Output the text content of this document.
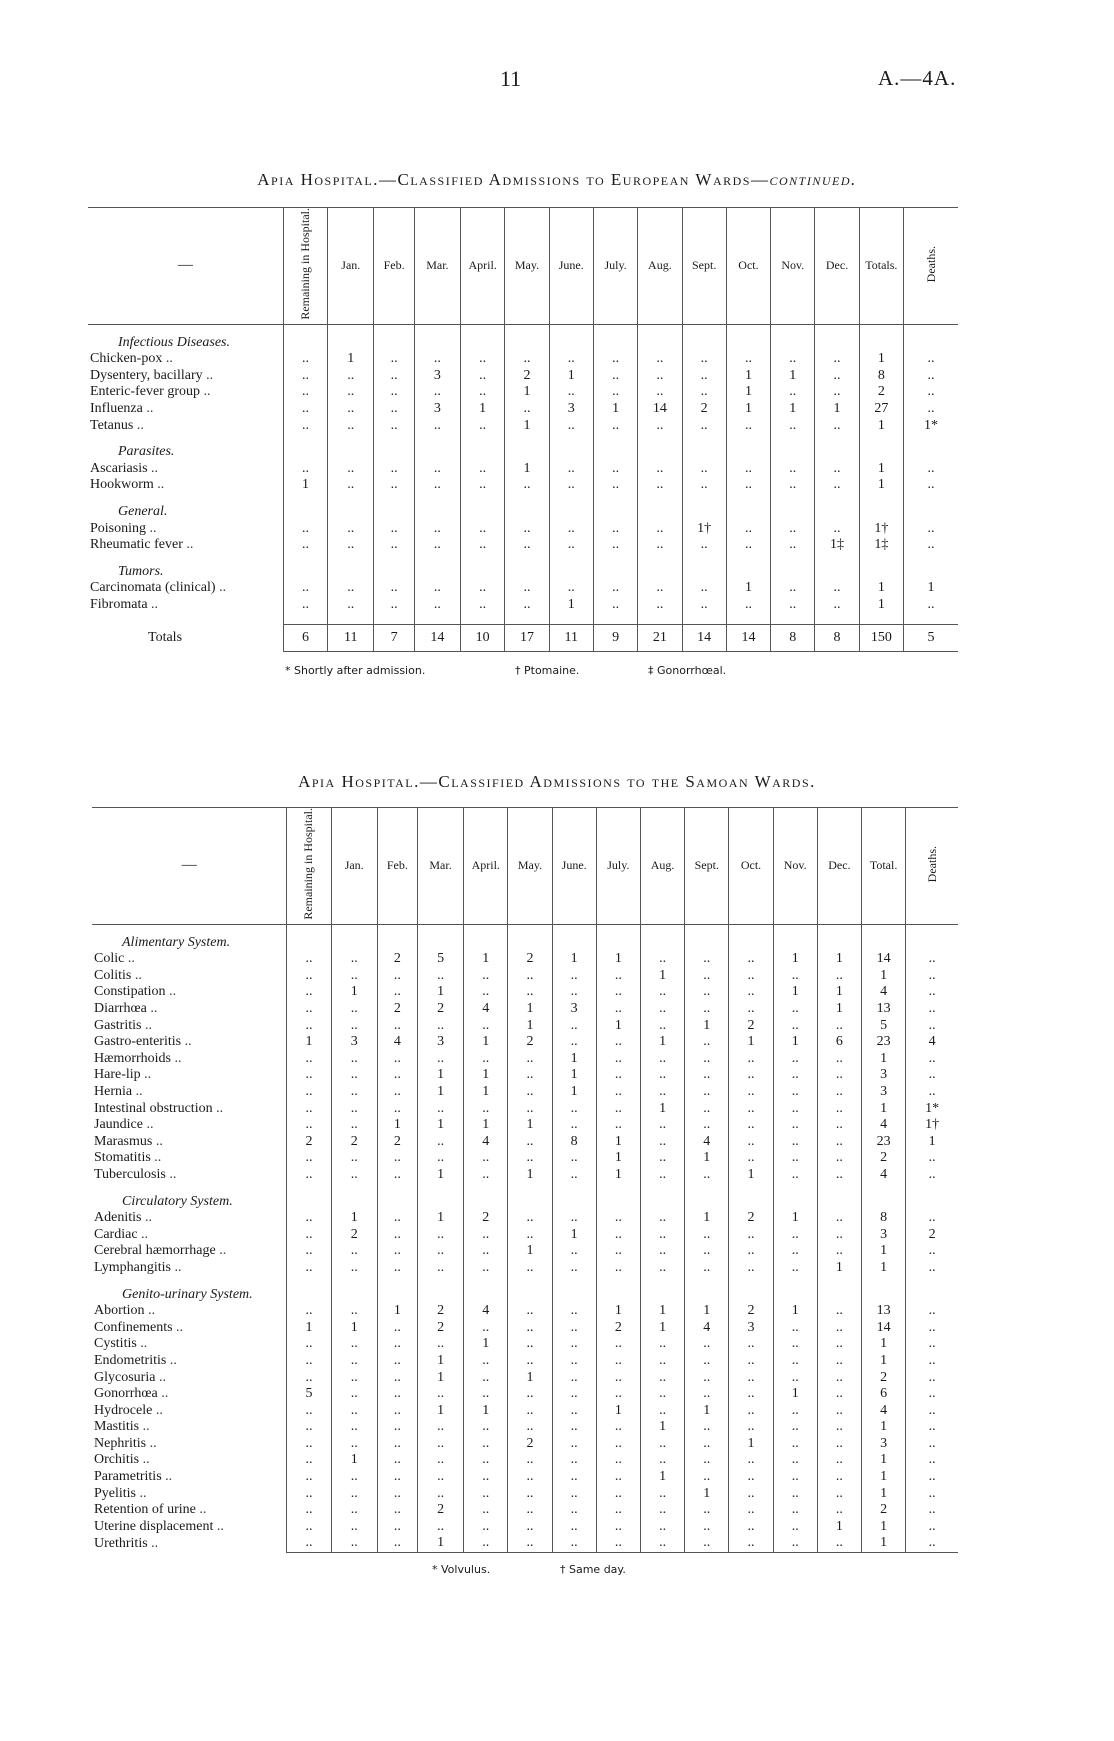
11	A.—4A.
Apia Hospital.—Classified Admissions to European Wards—continued.
—	Remaining in Hospital.	Jan.	Feb.	Mar.	April.	May.	June.	July.	Aug.	Sept.	Oct.	Nov.	Dec.	Totals.	Deaths.

Infectious Diseases.															
Chicken-pox ..	..	1	..	..	..	..	..	..	..	..	..	..	..	1	..
Dysentery, bacillary ..	..	..	..	3	..	2	1	..	..	..	1	1	..	8	..
Enteric-fever group ..	..	..	..	..	..	1	..	..	..	..	1	..	..	2	..
Influenza ..	..	..	..	3	1	..	3	1	14	2	1	1	1	27	..
Tetanus ..	..	..	..	..	..	1	..	..	..	..	..	..	..	1	1*

Parasites.															
Ascariasis ..	..	..	..	..	..	1	..	..	..	..	..	..	..	1	..
Hookworm ..	1	..	..	..	..	..	..	..	..	..	..	..	..	1	..

General.															
Poisoning ..	..	..	..	..	..	..	..	..	..	1†	..	..	..	1†	..
Rheumatic fever ..	..	..	..	..	..	..	..	..	..	..	..	..	1‡	1‡	..

Tumors.															
Carcinomata (clinical) ..	..	..	..	..	..	..	..	..	..	..	1	..	..	1	1
Fibromata ..	..	..	..	..	..	..	1	..	..	..	..	..	..	1	..

Totals	6	11	7	14	10	17	11	9	21	14	14	8	8	150	5
* Shortly after admission.	† Ptomaine.	‡ Gonorrhœal.
Apia Hospital.—Classified Admissions to the Samoan Wards.
—	Remaining in Hospital.	Jan.	Feb.	Mar.	April.	May.	June.	July.	Aug.	Sept.	Oct.	Nov.	Dec.	Total.	Deaths.

Alimentary System.															
Colic ..	..	..	2	5	1	2	1	1	..	..	..	1	1	14	..
Colitis ..	..	..	..	..	..	..	..	..	1	..	..	..	..	1	..
Constipation ..	..	1	..	1	..	..	..	..	..	..	..	1	1	4	..
Diarrhœa ..	..	..	2	2	4	1	3	..	..	..	..	..	1	13	..
Gastritis ..	..	..	..	..	..	1	..	1	..	1	2	..	..	5	..
Gastro-enteritis ..	1	3	4	3	1	2	..	..	1	..	1	1	6	23	4
Hæmorrhoids ..	..	..	..	..	..	..	1	..	..	..	..	..	..	1	..
Hare-lip ..	..	..	..	1	1	..	1	..	..	..	..	..	..	3	..
Hernia ..	..	..	..	1	1	..	1	..	..	..	..	..	..	3	..
Intestinal obstruction ..	..	..	..	..	..	..	..	..	1	..	..	..	..	1	1*
Jaundice ..	..	..	1	1	1	1	..	..	..	..	..	..	..	4	1†
Marasmus ..	2	2	2	..	4	..	8	1	..	4	..	..	..	23	1
Stomatitis ..	..	..	..	..	..	..	..	1	..	1	..	..	..	2	..
Tuberculosis ..	..	..	..	1	..	1	..	1	..	..	1	..	..	4	..

Circulatory System.															
Adenitis ..	..	1	..	1	2	..	..	..	..	1	2	1	..	8	..
Cardiac ..	..	2	..	..	..	..	1	..	..	..	..	..	..	3	2
Cerebral hæmorrhage ..	..	..	..	..	..	1	..	..	..	..	..	..	..	1	..
Lymphangitis ..	..	..	..	..	..	..	..	..	..	..	..	..	1	1	..

Genito-urinary System.															
Abortion ..	..	..	1	2	4	..	..	1	1	1	2	1	..	13	..
Confinements ..	1	1	..	2	..	..	..	2	1	4	3	..	..	14	..
Cystitis ..	..	..	..	..	1	..	..	..	..	..	..	..	..	1	..
Endometritis ..	..	..	..	1	..	..	..	..	..	..	..	..	..	1	..
Glycosuria ..	..	..	..	1	..	1	..	..	..	..	..	..	..	2	..
Gonorrhœa ..	5	..	..	..	..	..	..	..	..	..	..	1	..	6	..
Hydrocele ..	..	..	..	1	1	..	..	1	..	1	..	..	..	4	..
Mastitis ..	..	..	..	..	..	..	..	..	1	..	..	..	..	1	..
Nephritis ..	..	..	..	..	..	2	..	..	..	..	1	..	..	3	..
Orchitis ..	..	1	..	..	..	..	..	..	..	..	..	..	..	1	..
Parametritis ..	..	..	..	..	..	..	..	..	1	..	..	..	..	1	..
Pyelitis ..	..	..	..	..	..	..	..	..	..	1	..	..	..	1	..
Retention of urine ..	..	..	..	2	..	..	..	..	..	..	..	..	..	2	..
Uterine displacement ..	..	..	..	..	..	..	..	..	..	..	..	..	1	1	..
Urethritis ..	..	..	..	1	..	..	..	..	..	..	..	..	..	1	..
* Volvulus.	† Same day.
